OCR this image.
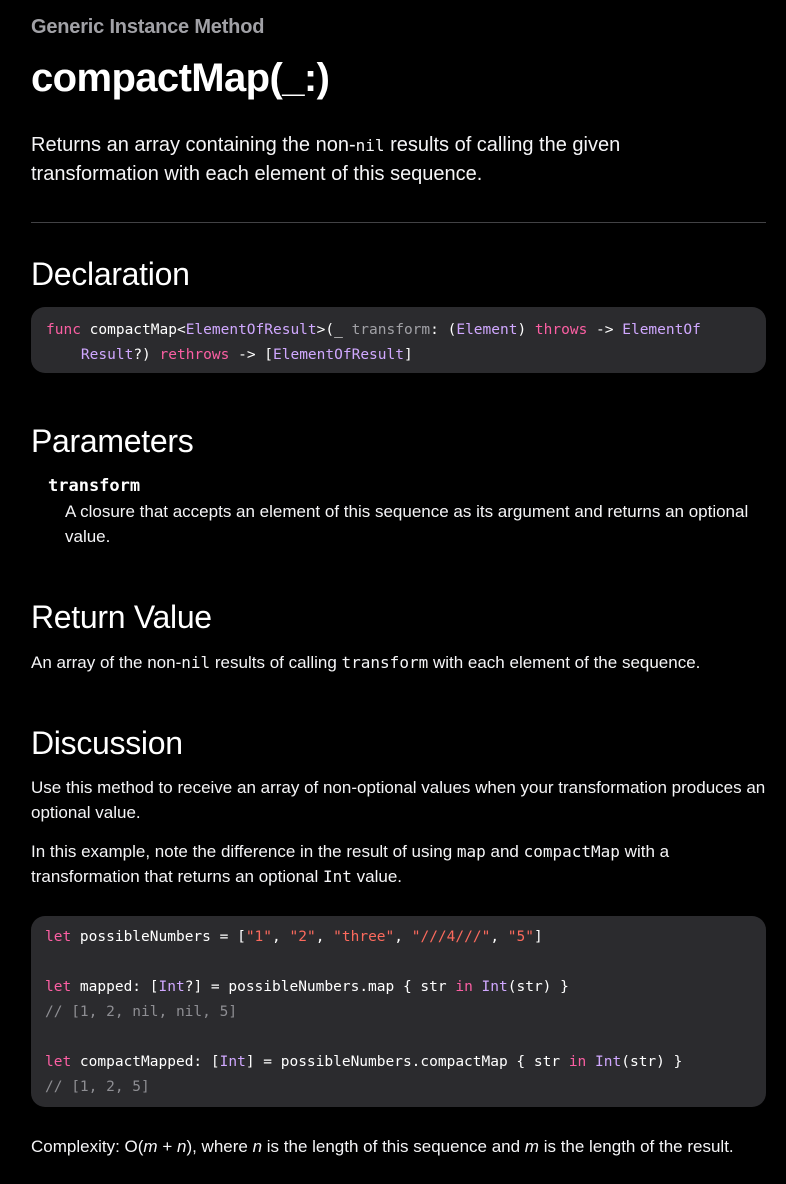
Generic Instance Method
compactMap(_:)
Returns an array containing the non-nil results of calling the given transformation with each element of this sequence.
Declaration
func compactMap<ElementOfResult>(_ transform: (Element) throws -> ElementOf
Result?) rethrows -> [ElementOfResult]
Parameters
transform
A closure that accepts an element of this sequence as its argument and returns an optional value.
Return Value
An array of the non-nil results of calling transform with each element of the sequence.
Discussion
Use this method to receive an array of non-optional values when your transformation produces an optional value.
In this example, note the difference in the result of using map and compactMap with a transformation that returns an optional Int value.
let possibleNumbers = ["1", "2", "three", "///4///", "5"]
let mapped: [Int?] = possibleNumbers.map { str in Int(str) }
// [1, 2, nil, nil, 5]
let compactMapped: [Int] = possibleNumbers.compactMap { str in Int(str) }
// [1, 2, 5]
Complexity: O(m + n), where n is the length of this sequence and m is the length of the result.
